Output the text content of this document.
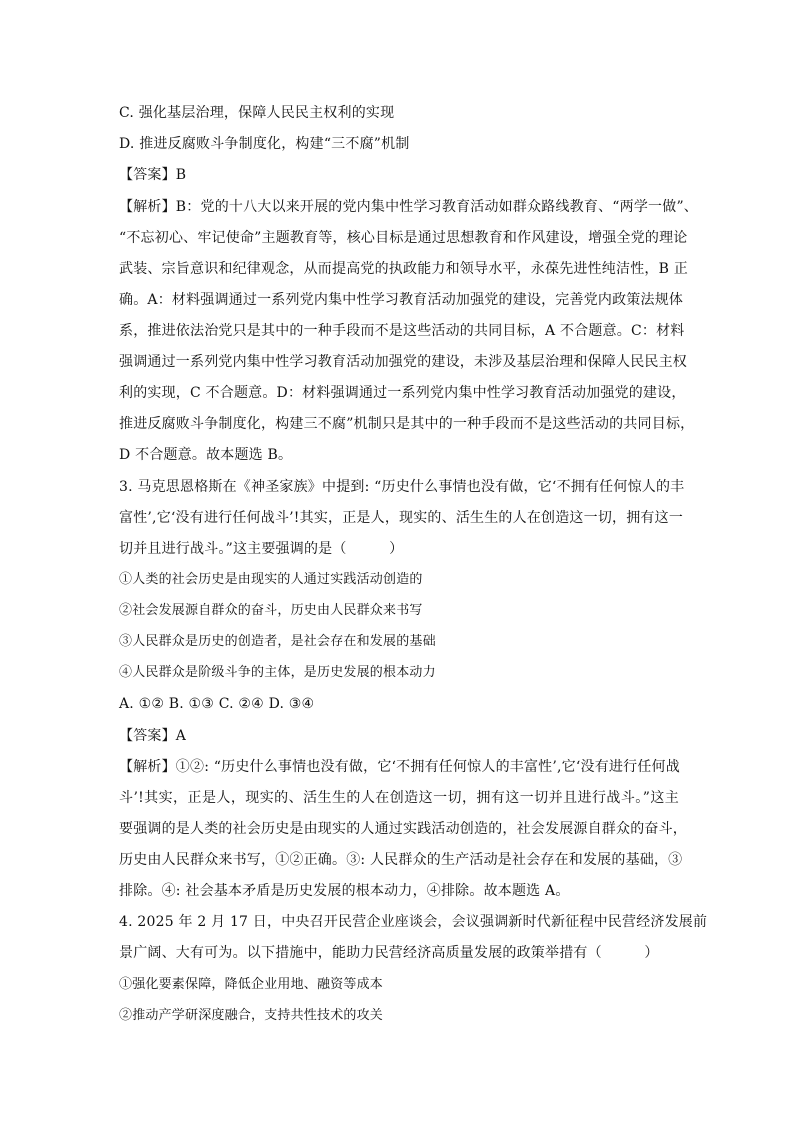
C. 强化基层治理，保障人民民主权利的实现
D. 推进反腐败斗争制度化，构建“三不腐”机制
【答案】B
【解析】B：党的十八大以来开展的党内集中性学习教育活动如群众路线教育、“两学一做”、
“不忘初心、牢记使命”主题教育等，核心目标是通过思想教育和作风建设，增强全党的理论
武装、宗旨意识和纪律观念，从而提高党的执政能力和领导水平，永葆先进性纯洁性，B 正
确。A：材料强调通过一系列党内集中性学习教育活动加强党的建设，完善党内政策法规体
系，推进依法治党只是其中的一种手段而不是这些活动的共同目标，A 不合题意。C：材料
强调通过一系列党内集中性学习教育活动加强党的建设，未涉及基层治理和保障人民民主权
利的实现，C 不合题意。D：材料强调通过一系列党内集中性学习教育活动加强党的建设，
推进反腐败斗争制度化，构建三不腐”机制只是其中的一种手段而不是这些活动的共同目标，
D 不合题意。故本题选 B。
3. 马克思恩格斯在《神圣家族》中提到: “历史什么事情也没有做，它‘不拥有任何惊人的丰
富性’,它‘没有进行任何战斗’!其实，正是人，现实的、活生生的人在创造这一切，拥有这一
切并且进行战斗。”这主要强调的是（　　　）
①人类的社会历史是由现实的人通过实践活动创造的
②社会发展源自群众的奋斗，历史由人民群众来书写
③人民群众是历史的创造者，是社会存在和发展的基础
④人民群众是阶级斗争的主体，是历史发展的根本动力
A. ①② B. ①③ C. ②④ D. ③④
【答案】A
【解析】①②: “历史什么事情也没有做，它‘不拥有任何惊人的丰富性’,它‘没有进行任何战
斗’!其实，正是人，现实的、活生生的人在创造这一切，拥有这一切并且进行战斗。”这主
要强调的是人类的社会历史是由现实的人通过实践活动创造的，社会发展源自群众的奋斗，
历史由人民群众来书写，①②正确。③: 人民群众的生产活动是社会存在和发展的基础，③
排除。④: 社会基本矛盾是历史发展的根本动力，④排除。故本题选 A。
4. 2025 年 2 月 17 日，中央召开民营企业座谈会，会议强调新时代新征程中民营经济发展前
景广阔、大有可为。以下措施中，能助力民营经济高质量发展的政策举措有（　　　）
①强化要素保障，降低企业用地、融资等成本
②推动产学研深度融合，支持共性技术的攻关
